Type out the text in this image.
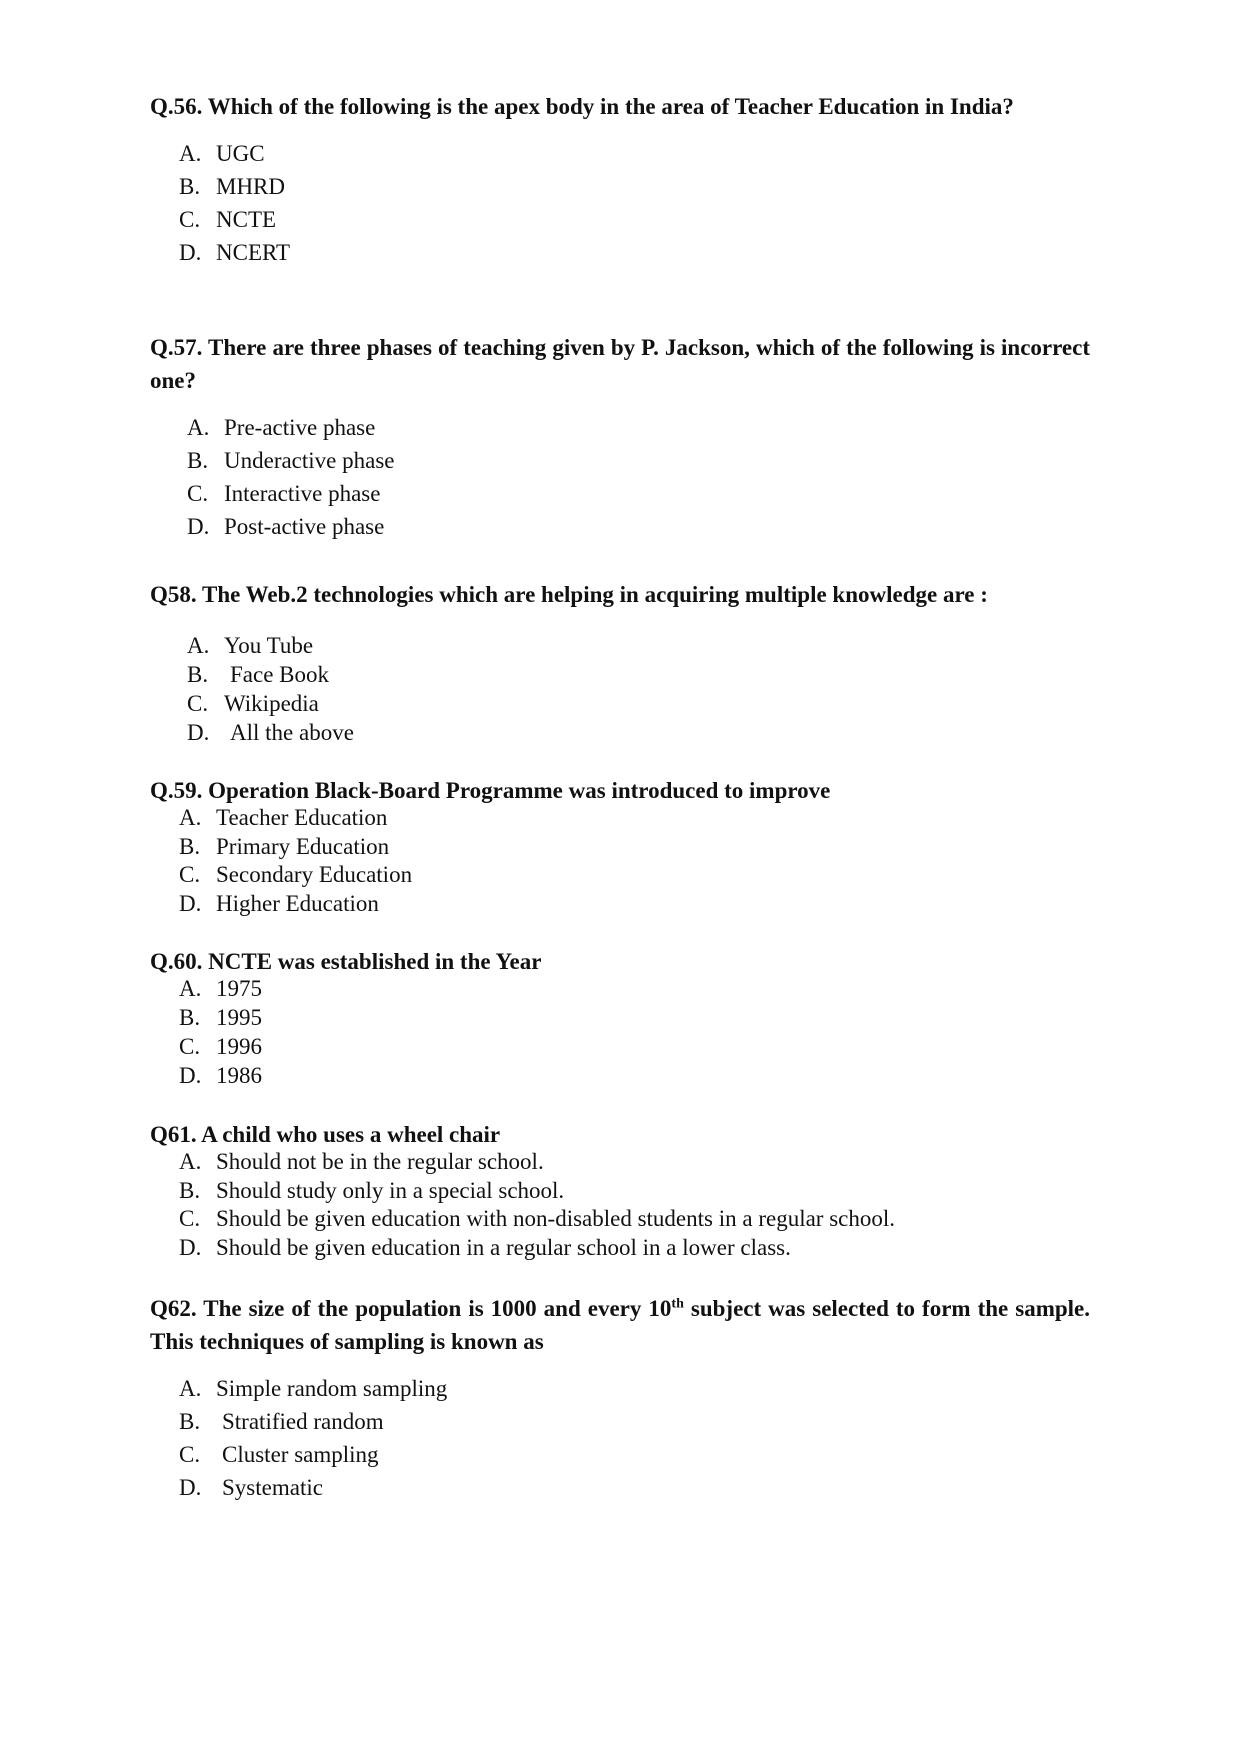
Q.56. Which of the following is the apex body in the area of Teacher Education in India?

A. UGC
B. MHRD
C. NCTE
D. NCERT

Q.57. There are three phases of teaching given by P. Jackson, which of the following is incorrect one?

A. Pre-active phase
B. Underactive phase
C. Interactive phase
D. Post-active phase

Q58. The Web.2 technologies which are helping in acquiring multiple knowledge are :

A. You Tube
B. Face Book
C. Wikipedia
D. All the above

Q.59. Operation Black-Board Programme was introduced to improve

A. Teacher Education
B. Primary Education
C. Secondary Education
D. Higher Education

Q.60. NCTE was established in the Year

A. 1975
B. 1995
C. 1996
D. 1986

Q61. A child who uses a wheel chair

A. Should not be in the regular school.
B. Should study only in a special school.
C. Should be given education with non-disabled students in a regular school.
D. Should be given education in a regular school in a lower class.

Q62. The size of the population is 1000 and every 10th subject was selected to form the sample. This techniques of sampling is known as

A. Simple random sampling
B. Stratified random
C. Cluster sampling
D. Systematic
